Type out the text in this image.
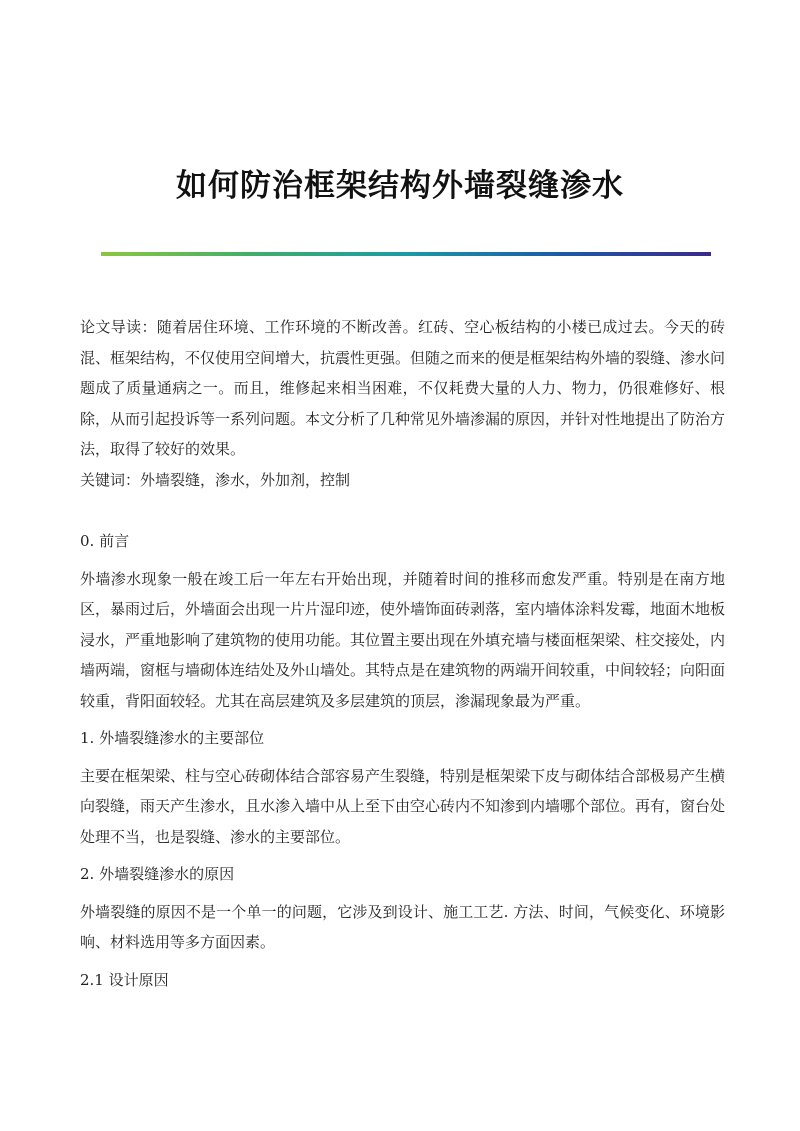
如何防治框架结构外墙裂缝渗水

论文导读：随着居住环境、工作环境的不断改善。红砖、空心板结构的小楼已成过去。今天的砖混、框架结构，不仅使用空间增大，抗震性更强。但随之而来的便是框架结构外墙的裂缝、渗水问题成了质量通病之一。而且，维修起来相当困难，不仅耗费大量的人力、物力，仍很难修好、根除，从而引起投诉等一系列问题。本文分析了几种常见外墙渗漏的原因，并针对性地提出了防治方法，取得了较好的效果。

关键词：外墙裂缝，渗水，外加剂，控制

0. 前言

外墙渗水现象一般在竣工后一年左右开始出现，并随着时间的推移而愈发严重。特别是在南方地区，暴雨过后，外墙面会出现一片片湿印迹，使外墙饰面砖剥落，室内墙体涂料发霉，地面木地板浸水，严重地影响了建筑物的使用功能。其位置主要出现在外填充墙与楼面框架梁、柱交接处，内墙两端，窗框与墙砌体连结处及外山墙处。其特点是在建筑物的两端开间较重，中间较轻；向阳面较重，背阳面较轻。尤其在高层建筑及多层建筑的顶层，渗漏现象最为严重。

1. 外墙裂缝渗水的主要部位

主要在框架梁、柱与空心砖砌体结合部容易产生裂缝，特别是框架梁下皮与砌体结合部极易产生横向裂缝，雨天产生渗水，且水渗入墙中从上至下由空心砖内不知渗到内墙哪个部位。再有，窗台处处理不当，也是裂缝、渗水的主要部位。

2. 外墙裂缝渗水的原因

外墙裂缝的原因不是一个单一的问题，它涉及到设计、施工工艺. 方法、时间，气候变化、环境影响、材料选用等多方面因素。

2.1 设计原因
